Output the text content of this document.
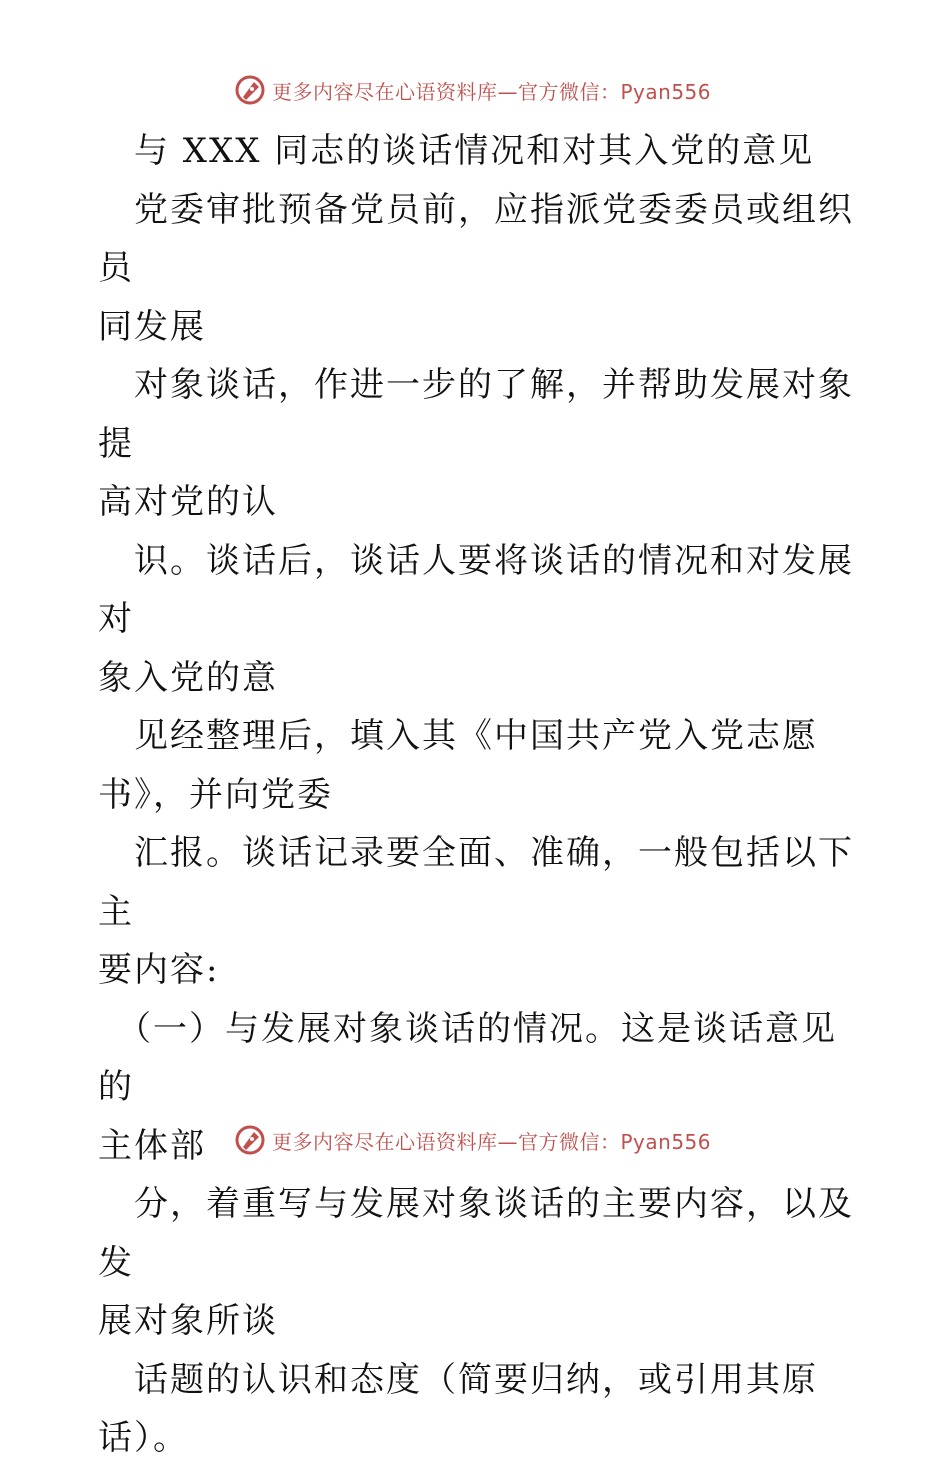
更多内容尽在心语资料库—官方微信：Pyan556

　与 XXX 同志的谈话情况和对其入党的意见

　党委审批预备党员前，应指派党委委员或组织员

同发展

　对象谈话，作进一步的了解，并帮助发展对象提

高对党的认

　识。谈话后，谈话人要将谈话的情况和对发展对

象入党的意

　见经整理后，填入其《中国共产党入党志愿

书》，并向党委

　汇报。谈话记录要全面、准确，一般包括以下主

要内容:

　（一）与发展对象谈话的情况。这是谈话意见的

主体部

　分，着重写与发展对象谈话的主要内容，以及发

展对象所谈

　话题的认识和态度（简要归纳，或引用其原

话）。

更多内容尽在心语资料库—官方微信：Pyan556
